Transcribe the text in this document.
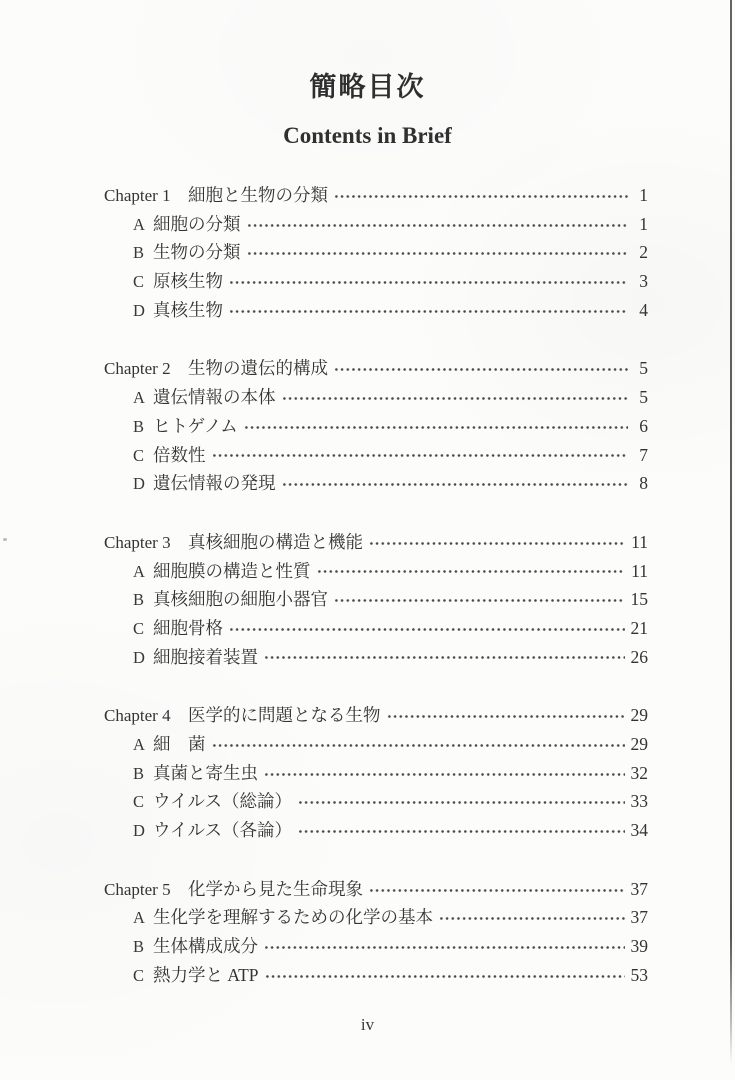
簡略目次
Contents in Brief
Chapter 1 細胞と生物の分類	1
A 細胞の分類	1
B 生物の分類	2
C 原核生物	3
D 真核生物	4
Chapter 2 生物の遺伝的構成	5
A 遺伝情報の本体	5
B ヒトゲノム	6
C 倍数性	7
D 遺伝情報の発現	8
Chapter 3 真核細胞の構造と機能	11
A 細胞膜の構造と性質	11
B 真核細胞の細胞小器官	15
C 細胞骨格	21
D 細胞接着装置	26
Chapter 4 医学的に問題となる生物	29
A 細　菌	29
B 真菌と寄生虫	32
C ウイルス（総論）	33
D ウイルス（各論）	34
Chapter 5 化学から見た生命現象	37
A 生化学を理解するための化学の基本	37
B 生体構成成分	39
C 熱力学と ATP	53
iv
